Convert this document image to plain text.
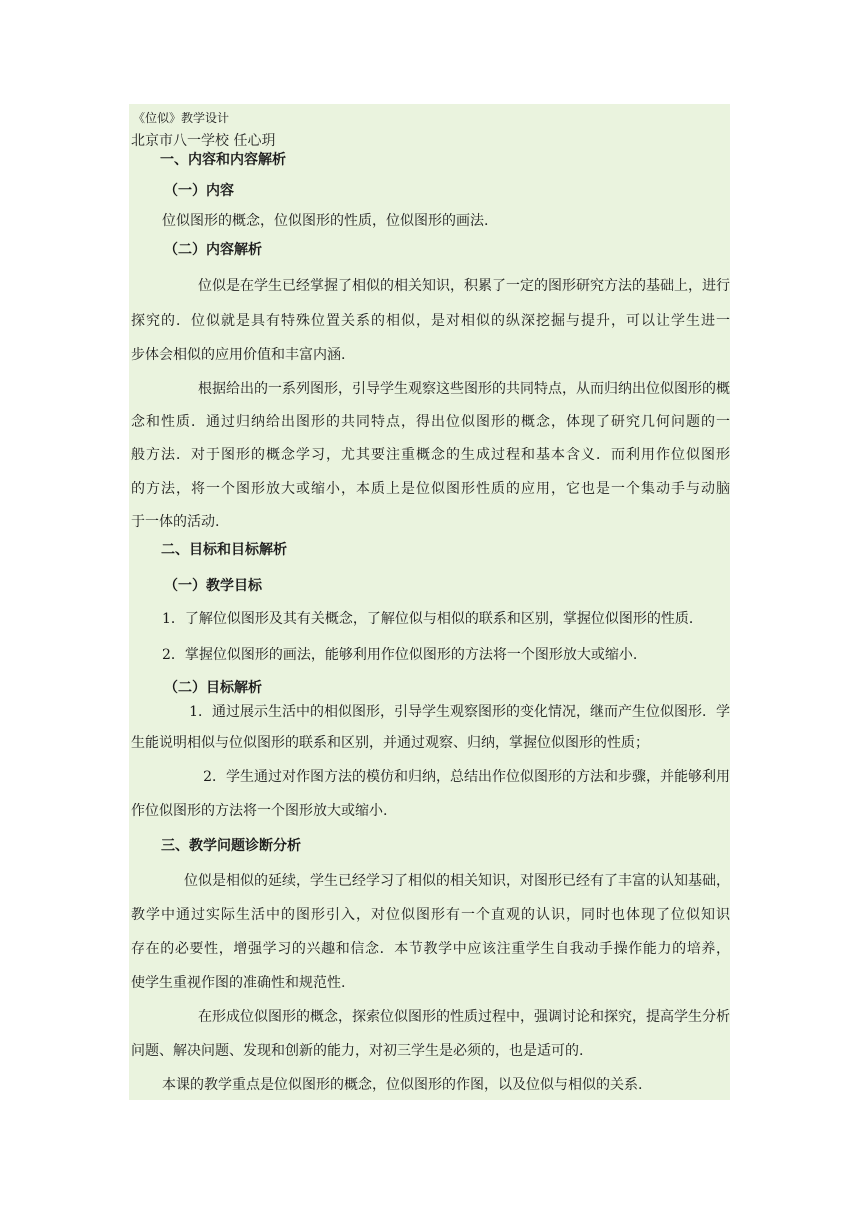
《位似》教学设计
北京市八一学校 任心玥
一、内容和内容解析
（一）内容
位似图形的概念，位似图形的性质，位似图形的画法.
（二）内容解析
位似是在学生已经掌握了相似的相关知识，积累了一定的图形研究方法的基础上，进行
探究的．位似就是具有特殊位置关系的相似，是对相似的纵深挖掘与提升，可以让学生进一
步体会相似的应用价值和丰富内涵.
根据给出的一系列图形，引导学生观察这些图形的共同特点，从而归纳出位似图形的概
念和性质．通过归纳给出图形的共同特点，得出位似图形的概念，体现了研究几何问题的一
般方法．对于图形的概念学习，尤其要注重概念的生成过程和基本含义．而利用作位似图形
的方法，将一个图形放大或缩小，本质上是位似图形性质的应用，它也是一个集动手与动脑
于一体的活动.
二、目标和目标解析
（一）教学目标
1．了解位似图形及其有关概念，了解位似与相似的联系和区别，掌握位似图形的性质．
2．掌握位似图形的画法，能够利用作位似图形的方法将一个图形放大或缩小.
（二）目标解析
1．通过展示生活中的相似图形，引导学生观察图形的变化情况，继而产生位似图形．学
生能说明相似与位似图形的联系和区别，并通过观察、归纳，掌握位似图形的性质；
2．学生通过对作图方法的模仿和归纳，总结出作位似图形的方法和步骤，并能够利用
作位似图形的方法将一个图形放大或缩小.
三、教学问题诊断分析
位似是相似的延续，学生已经学习了相似的相关知识，对图形已经有了丰富的认知基础，
教学中通过实际生活中的图形引入，对位似图形有一个直观的认识，同时也体现了位似知识
存在的必要性，增强学习的兴趣和信念．本节教学中应该注重学生自我动手操作能力的培养，
使学生重视作图的准确性和规范性.
在形成位似图形的概念，探索位似图形的性质过程中，强调讨论和探究，提高学生分析
问题、解决问题、发现和创新的能力，对初三学生是必须的，也是适可的.
本课的教学重点是位似图形的概念，位似图形的作图，以及位似与相似的关系.
